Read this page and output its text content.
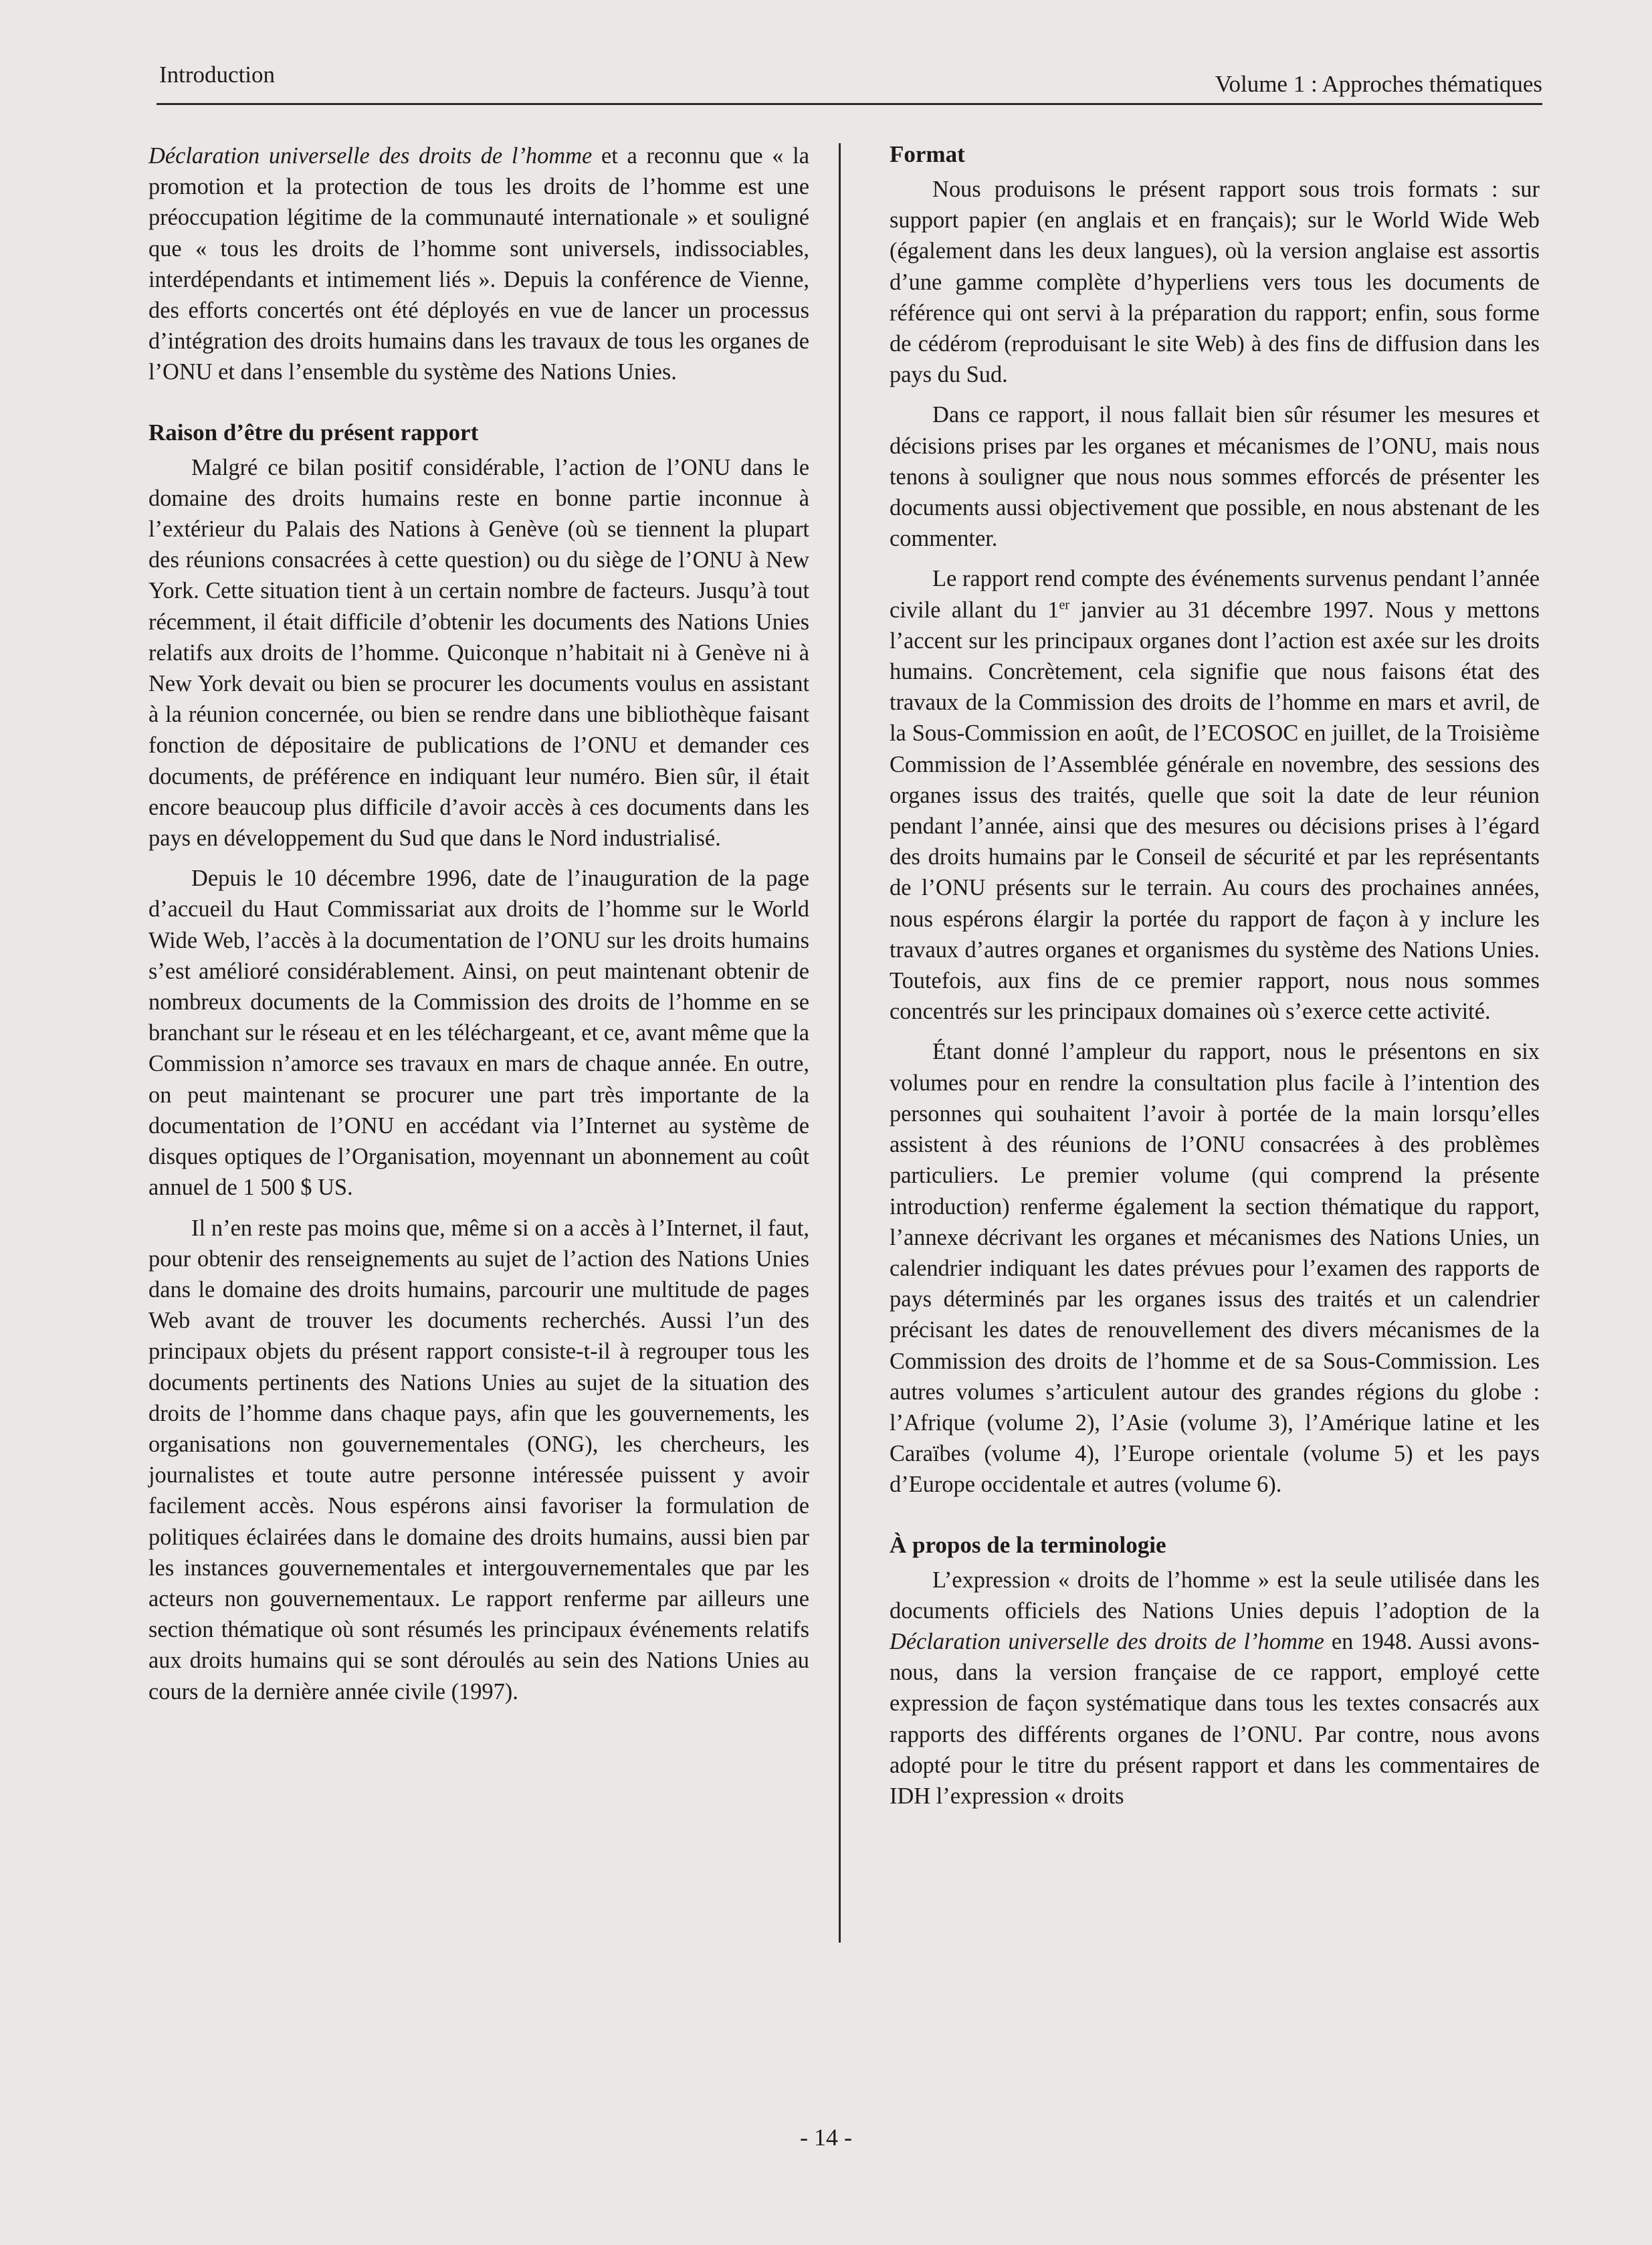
Introduction	Volume 1 : Approches thématiques

Déclaration universelle des droits de l’homme et a reconnu que « la promotion et la protection de tous les droits de l’homme est une préoccupation légitime de la communauté internationale » et souligné que « tous les droits de l’homme sont universels, indissociables, interdépendants et intimement liés ». Depuis la conférence de Vienne, des efforts concertés ont été déployés en vue de lancer un processus d’intégration des droits humains dans les travaux de tous les organes de l’ONU et dans l’ensemble du système des Nations Unies.

Raison d’être du présent rapport

Malgré ce bilan positif considérable, l’action de l’ONU dans le domaine des droits humains reste en bonne partie inconnue à l’extérieur du Palais des Nations à Genève (où se tiennent la plupart des réunions consacrées à cette question) ou du siège de l’ONU à New York. Cette situation tient à un certain nombre de facteurs. Jusqu’à tout récemment, il était difficile d’obtenir les documents des Nations Unies relatifs aux droits de l’homme. Quiconque n’habitait ni à Genève ni à New York devait ou bien se procurer les documents voulus en assistant à la réunion concernée, ou bien se rendre dans une bibliothèque faisant fonction de dépositaire de publications de l’ONU et demander ces documents, de préférence en indiquant leur numéro. Bien sûr, il était encore beaucoup plus difficile d’avoir accès à ces documents dans les pays en développement du Sud que dans le Nord industrialisé.

Depuis le 10 décembre 1996, date de l’inauguration de la page d’accueil du Haut Commissariat aux droits de l’homme sur le World Wide Web, l’accès à la documentation de l’ONU sur les droits humains s’est amélioré considérablement. Ainsi, on peut maintenant obtenir de nombreux documents de la Commission des droits de l’homme en se branchant sur le réseau et en les téléchargeant, et ce, avant même que la Commission n’amorce ses travaux en mars de chaque année. En outre, on peut maintenant se procurer une part très importante de la documentation de l’ONU en accédant via l’Internet au système de disques optiques de l’Organisation, moyennant un abonnement au coût annuel de 1 500 $ US.

Il n’en reste pas moins que, même si on a accès à l’Internet, il faut, pour obtenir des renseignements au sujet de l’action des Nations Unies dans le domaine des droits humains, parcourir une multitude de pages Web avant de trouver les documents recherchés. Aussi l’un des principaux objets du présent rapport consiste-t-il à regrouper tous les documents pertinents des Nations Unies au sujet de la situation des droits de l’homme dans chaque pays, afin que les gouvernements, les organisations non gouvernementales (ONG), les chercheurs, les journalistes et toute autre personne intéressée puissent y avoir facilement accès. Nous espérons ainsi favoriser la formulation de politiques éclairées dans le domaine des droits humains, aussi bien par les instances gouvernementales et intergouvernementales que par les acteurs non gouvernementaux. Le rapport renferme par ailleurs une section thématique où sont résumés les principaux événements relatifs aux droits humains qui se sont déroulés au sein des Nations Unies au cours de la dernière année civile (1997).

Format

Nous produisons le présent rapport sous trois formats : sur support papier (en anglais et en français); sur le World Wide Web (également dans les deux langues), où la version anglaise est assortis d’une gamme complète d’hyperliens vers tous les documents de référence qui ont servi à la préparation du rapport; enfin, sous forme de cédérom (reproduisant le site Web) à des fins de diffusion dans les pays du Sud.

Dans ce rapport, il nous fallait bien sûr résumer les mesures et décisions prises par les organes et mécanismes de l’ONU, mais nous tenons à souligner que nous nous sommes efforcés de présenter les documents aussi objectivement que possible, en nous abstenant de les commenter.

Le rapport rend compte des événements survenus pendant l’année civile allant du 1er janvier au 31 décembre 1997. Nous y mettons l’accent sur les principaux organes dont l’action est axée sur les droits humains. Concrètement, cela signifie que nous faisons état des travaux de la Commission des droits de l’homme en mars et avril, de la Sous-Commission en août, de l’ECOSOC en juillet, de la Troisième Commission de l’Assemblée générale en novembre, des sessions des organes issus des traités, quelle que soit la date de leur réunion pendant l’année, ainsi que des mesures ou décisions prises à l’égard des droits humains par le Conseil de sécurité et par les représentants de l’ONU présents sur le terrain. Au cours des prochaines années, nous espérons élargir la portée du rapport de façon à y inclure les travaux d’autres organes et organismes du système des Nations Unies. Toutefois, aux fins de ce premier rapport, nous nous sommes concentrés sur les principaux domaines où s’exerce cette activité.

Étant donné l’ampleur du rapport, nous le présentons en six volumes pour en rendre la consultation plus facile à l’intention des personnes qui souhaitent l’avoir à portée de la main lorsqu’elles assistent à des réunions de l’ONU consacrées à des problèmes particuliers. Le premier volume (qui comprend la présente introduction) renferme également la section thématique du rapport, l’annexe décrivant les organes et mécanismes des Nations Unies, un calendrier indiquant les dates prévues pour l’examen des rapports de pays déterminés par les organes issus des traités et un calendrier précisant les dates de renouvellement des divers mécanismes de la Commission des droits de l’homme et de sa Sous-Commission. Les autres volumes s’articulent autour des grandes régions du globe : l’Afrique (volume 2), l’Asie (volume 3), l’Amérique latine et les Caraïbes (volume 4), l’Europe orientale (volume 5) et les pays d’Europe occidentale et autres (volume 6).

À propos de la terminologie

L’expression « droits de l’homme » est la seule utilisée dans les documents officiels des Nations Unies depuis l’adoption de la Déclaration universelle des droits de l’homme en 1948. Aussi avons-nous, dans la version française de ce rapport, employé cette expression de façon systématique dans tous les textes consacrés aux rapports des différents organes de l’ONU. Par contre, nous avons adopté pour le titre du présent rapport et dans les commentaires de IDH l’expression « droits

- 14 -
